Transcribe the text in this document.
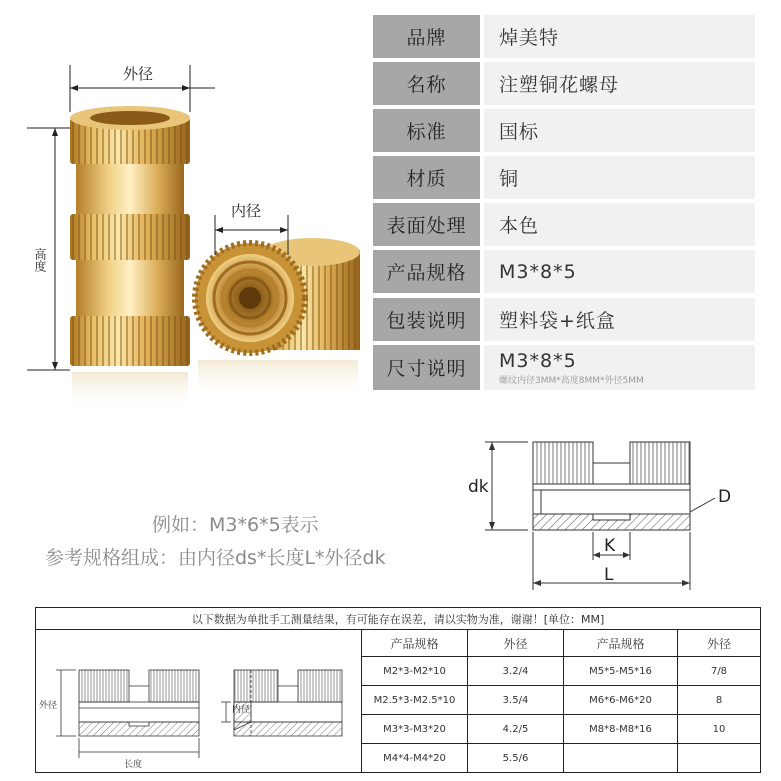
外径
内径
高度
品牌	焯美特
名称	注塑铜花螺母
标准	国标
材质	铜
表面处理	本色
产品规格	M3*8*5
包装说明	塑料袋+纸盒
尺寸说明	M3*8*5
螺纹内径3MM*高度8MM*外径5MM
例如：M3*6*5表示
参考规格组成：由内径ds*长度L*外径dk
dk	D
K
L
以下数据为单批手工测量结果，有可能存在误差，请以实物为准，谢谢！[单位：MM]
外径
长度
内径
产品规格	外径	产品规格	外径
M2*3-M2*10	3.2/4	M5*5-M5*16	7/8
M2.5*3-M2.5*10	3.5/4	M6*6-M6*20	8
M3*3-M3*20	4.2/5	M8*8-M8*16	10
M4*4-M4*20	5.5/6
